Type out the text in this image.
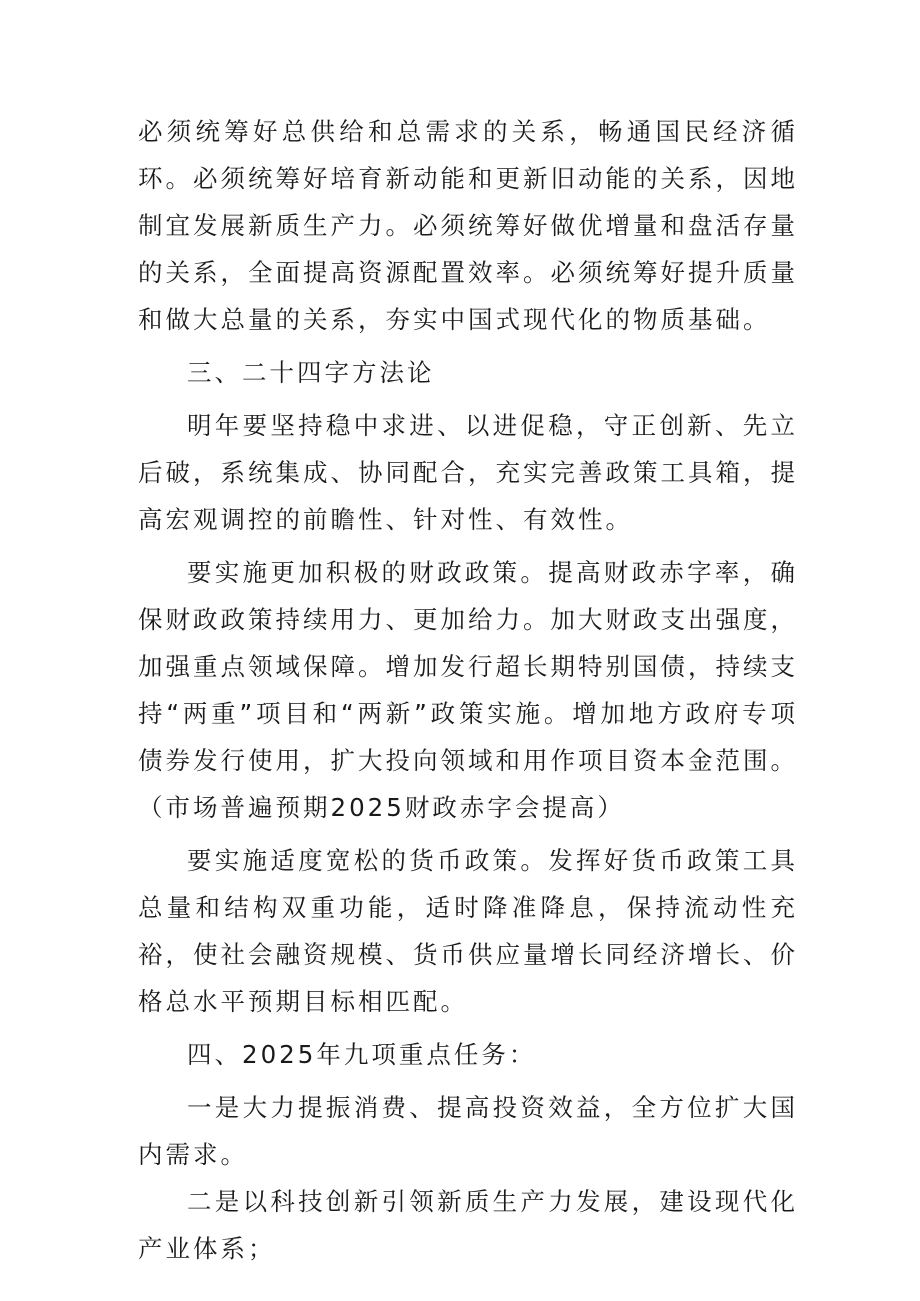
必须统筹好总供给和总需求的关系，畅通国民经济循环。必须统筹好培育新动能和更新旧动能的关系，因地制宜发展新质生产力。必须统筹好做优增量和盘活存量的关系，全面提高资源配置效率。必须统筹好提升质量和做大总量的关系，夯实中国式现代化的物质基础。

三、二十四字方法论

明年要坚持稳中求进、以进促稳，守正创新、先立后破，系统集成、协同配合，充实完善政策工具箱，提高宏观调控的前瞻性、针对性、有效性。

要实施更加积极的财政政策。提高财政赤字率，确保财政政策持续用力、更加给力。加大财政支出强度，加强重点领域保障。增加发行超长期特别国债，持续支持“两重”项目和“两新”政策实施。增加地方政府专项债券发行使用，扩大投向领域和用作项目资本金范围。（市场普遍预期2025财政赤字会提高）

要实施适度宽松的货币政策。发挥好货币政策工具总量和结构双重功能，适时降准降息，保持流动性充裕，使社会融资规模、货币供应量增长同经济增长、价格总水平预期目标相匹配。

四、2025年九项重点任务：

一是大力提振消费、提高投资效益，全方位扩大国内需求。

二是以科技创新引领新质生产力发展，建设现代化产业体系；
